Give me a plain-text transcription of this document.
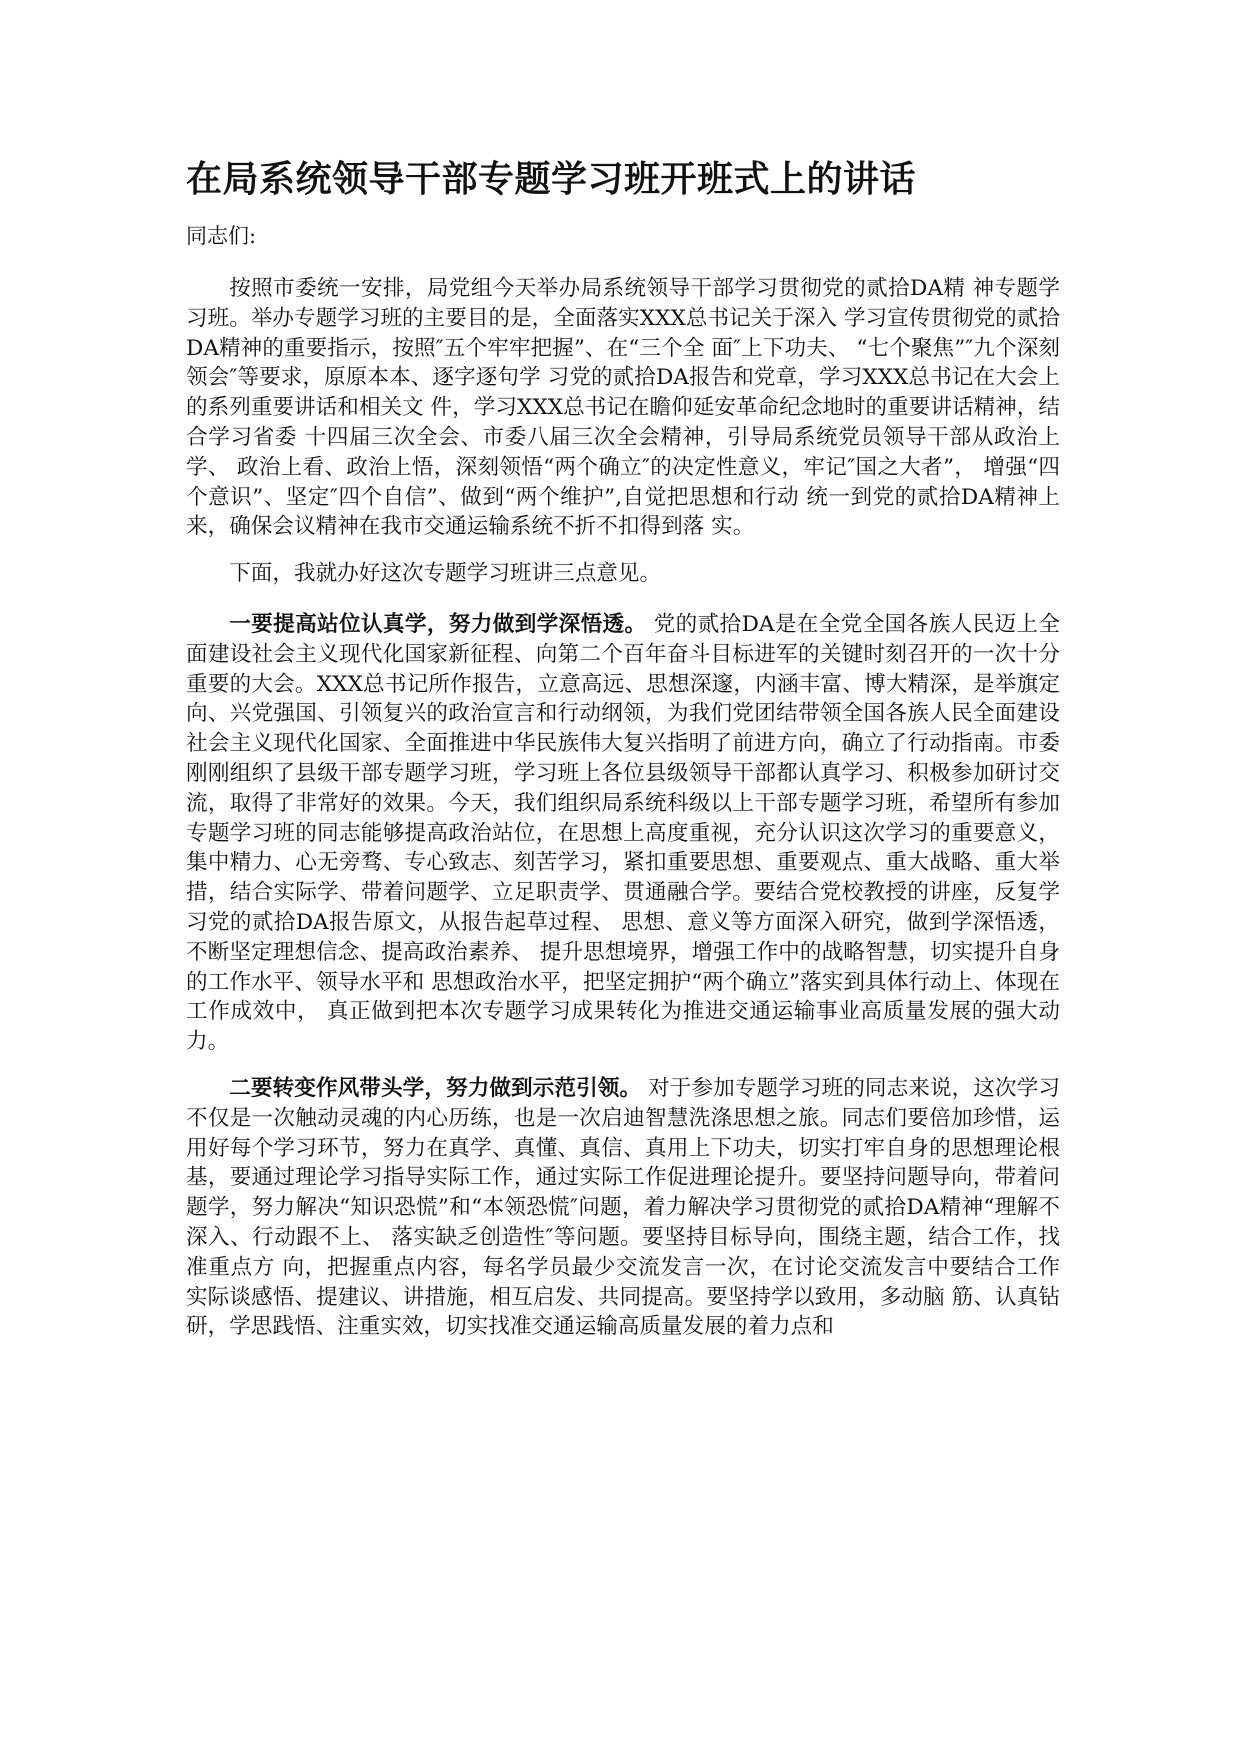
在局系统领导干部专题学习班开班式上的讲话

同志们:

按照市委统一安排，局党组今天举办局系统领导干部学习贯彻党的贰拾DA精 神专题学习班。举办专题学习班的主要目的是，全面落实XXX总书记关于深入 学习宣传贯彻党的贰拾DA精神的重要指示，按照″五个牢牢把握”、在“三个全 面″上下功夫、 “七个聚焦”″九个深刻领会″等要求，原原本本、逐字逐句学 习党的贰拾DA报告和党章，学习XXX总书记在大会上的系列重要讲话和相关文 件，学习XXX总书记在瞻仰延安革命纪念地时的重要讲话精神，结合学习省委 十四届三次全会、市委八届三次全会精神，引导局系统党员领导干部从政治上学、 政治上看、政治上悟，深刻领悟“两个确立″的决定性意义，牢记″国之大者”， 增强“四个意识”、坚定″四个自信”、做到“两个维护”,自觉把思想和行动 统一到党的贰拾DA精神上来，确保会议精神在我市交通运输系统不折不扣得到落 实。

下面，我就办好这次专题学习班讲三点意见。

一要提高站位认真学，努力做到学深悟透。 党的贰拾DA是在全党全国各族人民迈上全面建设社会主义现代化国家新征程、向第二个百年奋斗目标进军的关键时刻召开的一次十分重要的大会。XXX总书记所作报告，立意高远、思想深邃，内涵丰富、博大精深，是举旗定向、兴党强国、引领复兴的政治宣言和行动纲领，为我们党团结带领全国各族人民全面建设社会主义现代化国家、全面推进中华民族伟大复兴指明了前进方向，确立了行动指南。市委刚刚组织了县级干部专题学习班，学习班上各位县级领导干部都认真学习、积极参加研讨交流，取得了非常好的效果。今天，我们组织局系统科级以上干部专题学习班，希望所有参加专题学习班的同志能够提高政治站位，在思想上高度重视，充分认识这次学习的重要意义，集中精力、心无旁骛、专心致志、刻苦学习，紧扣重要思想、重要观点、重大战略、重大举措，结合实际学、带着问题学、立足职责学、贯通融合学。要结合党校教授的讲座，反复学习党的贰拾DA报告原文，从报告起草过程、 思想、意义等方面深入研究，做到学深悟透，不断坚定理想信念、提高政治素养、 提升思想境界，增强工作中的战略智慧，切实提升自身的工作水平、领导水平和 思想政治水平，把坚定拥护“两个确立”落实到具体行动上、体现在工作成效中， 真正做到把本次专题学习成果转化为推进交通运输事业高质量发展的强大动力。

二要转变作风带头学，努力做到示范引领。 对于参加专题学习班的同志来说，这次学习不仅是一次触动灵魂的内心历练，也是一次启迪智慧洗涤思想之旅。同志们要倍加珍惜，运用好每个学习环节，努力在真学、真懂、真信、真用上下功夫，切实打牢自身的思想理论根基，要通过理论学习指导实际工作，通过实际工作促进理论提升。要坚持问题导向，带着问题学，努力解决“知识恐慌”和“本领恐慌″问题，着力解决学习贯彻党的贰拾DA精神“理解不深入、行动跟不上、 落实缺乏创造性″等问题。要坚持目标导向，围绕主题，结合工作，找准重点方 向，把握重点内容，每名学员最少交流发言一次，在讨论交流发言中要结合工作 实际谈感悟、提建议、讲措施，相互启发、共同提高。要坚持学以致用，多动脑 筋、认真钻研，学思践悟、注重实效，切实找准交通运输高质量发展的着力点和
